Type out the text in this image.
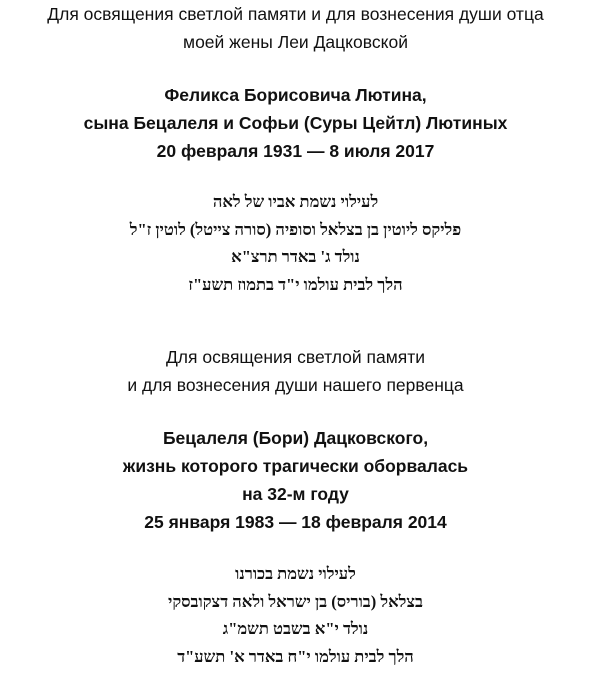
Для освящения светлой памяти и для вознесения души отца
моей жены Леи Дацковской
Феликса Борисовича Лютина,
сына Бецалеля и Софьи (Суры Цейтл) Лютиных
20 февраля 1931 — 8 июля 2017
לעילוי נשמת אביו של לאה
פליקס ליוטין בן בצלאל וסופיה (סורה צייטל) לוטין ז"ל
נולד ג' באדר תרצ"א
הלך לבית עולמו י"ד בתמוז תשע"ז
Для освящения светлой памяти
и для вознесения души нашего первенца
Бецалеля (Бори) Дацковского,
жизнь которого трагически оборвалась
на 32-м году
25 января 1983 — 18 февраля 2014
לעילוי נשמת בכורנו
בצלאל (בוריס) בן ישראל ולאה דצקובסקי
נולד י"א בשבט תשמ"ג
הלך לבית עולמו י"ח באדר א' תשע"ד
